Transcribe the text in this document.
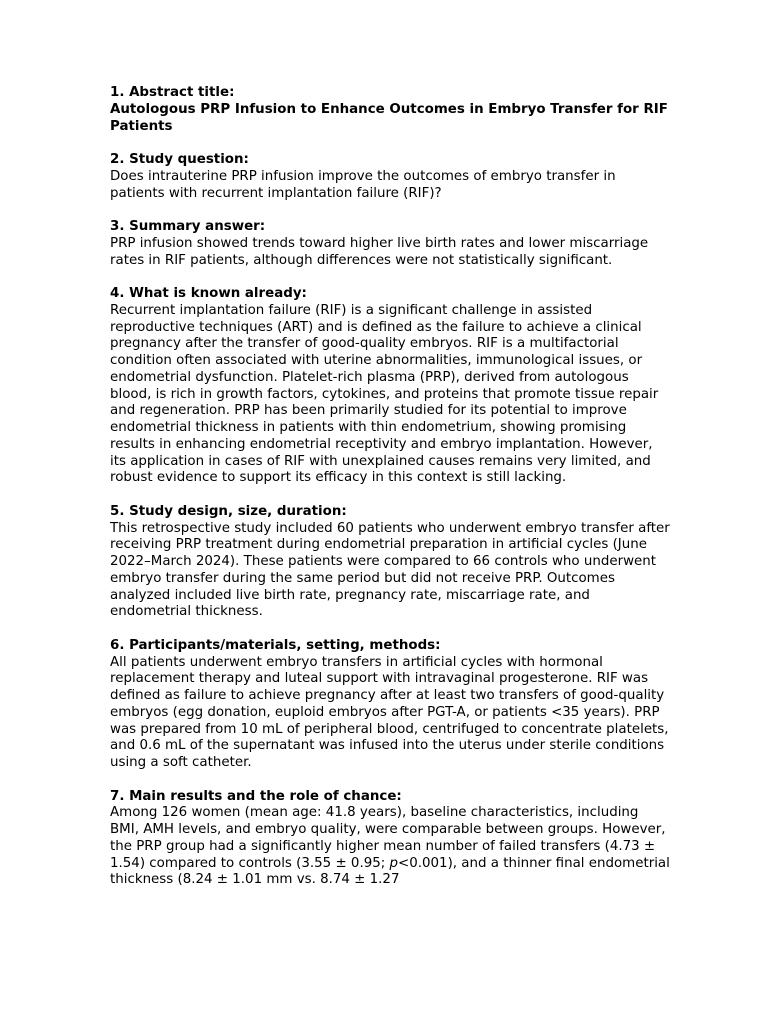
1. Abstract title:
Autologous PRP Infusion to Enhance Outcomes in Embryo Transfer for RIF Patients
2. Study question:
Does intrauterine PRP infusion improve the outcomes of embryo transfer in patients with recurrent implantation failure (RIF)?
3. Summary answer:
PRP infusion showed trends toward higher live birth rates and lower miscarriage rates in RIF patients, although differences were not statistically significant.
4. What is known already:
Recurrent implantation failure (RIF) is a significant challenge in assisted reproductive techniques (ART) and is defined as the failure to achieve a clinical pregnancy after the transfer of good-quality embryos. RIF is a multifactorial condition often associated with uterine abnormalities, immunological issues, or endometrial dysfunction. Platelet-rich plasma (PRP), derived from autologous blood, is rich in growth factors, cytokines, and proteins that promote tissue repair and regeneration. PRP has been primarily studied for its potential to improve endometrial thickness in patients with thin endometrium, showing promising results in enhancing endometrial receptivity and embryo implantation. However, its application in cases of RIF with unexplained causes remains very limited, and robust evidence to support its efficacy in this context is still lacking.
5. Study design, size, duration:
This retrospective study included 60 patients who underwent embryo transfer after receiving PRP treatment during endometrial preparation in artificial cycles (June 2022–March 2024). These patients were compared to 66 controls who underwent embryo transfer during the same period but did not receive PRP. Outcomes analyzed included live birth rate, pregnancy rate, miscarriage rate, and endometrial thickness.
6. Participants/materials, setting, methods:
All patients underwent embryo transfers in artificial cycles with hormonal replacement therapy and luteal support with intravaginal progesterone. RIF was defined as failure to achieve pregnancy after at least two transfers of good-quality embryos (egg donation, euploid embryos after PGT-A, or patients <35 years). PRP was prepared from 10 mL of peripheral blood, centrifuged to concentrate platelets, and 0.6 mL of the supernatant was infused into the uterus under sterile conditions using a soft catheter.
7. Main results and the role of chance:
Among 126 women (mean age: 41.8 years), baseline characteristics, including BMI, AMH levels, and embryo quality, were comparable between groups. However, the PRP group had a significantly higher mean number of failed transfers (4.73 ± 1.54) compared to controls (3.55 ± 0.95; p<0.001), and a thinner final endometrial thickness (8.24 ± 1.01 mm vs. 8.74 ± 1.27
